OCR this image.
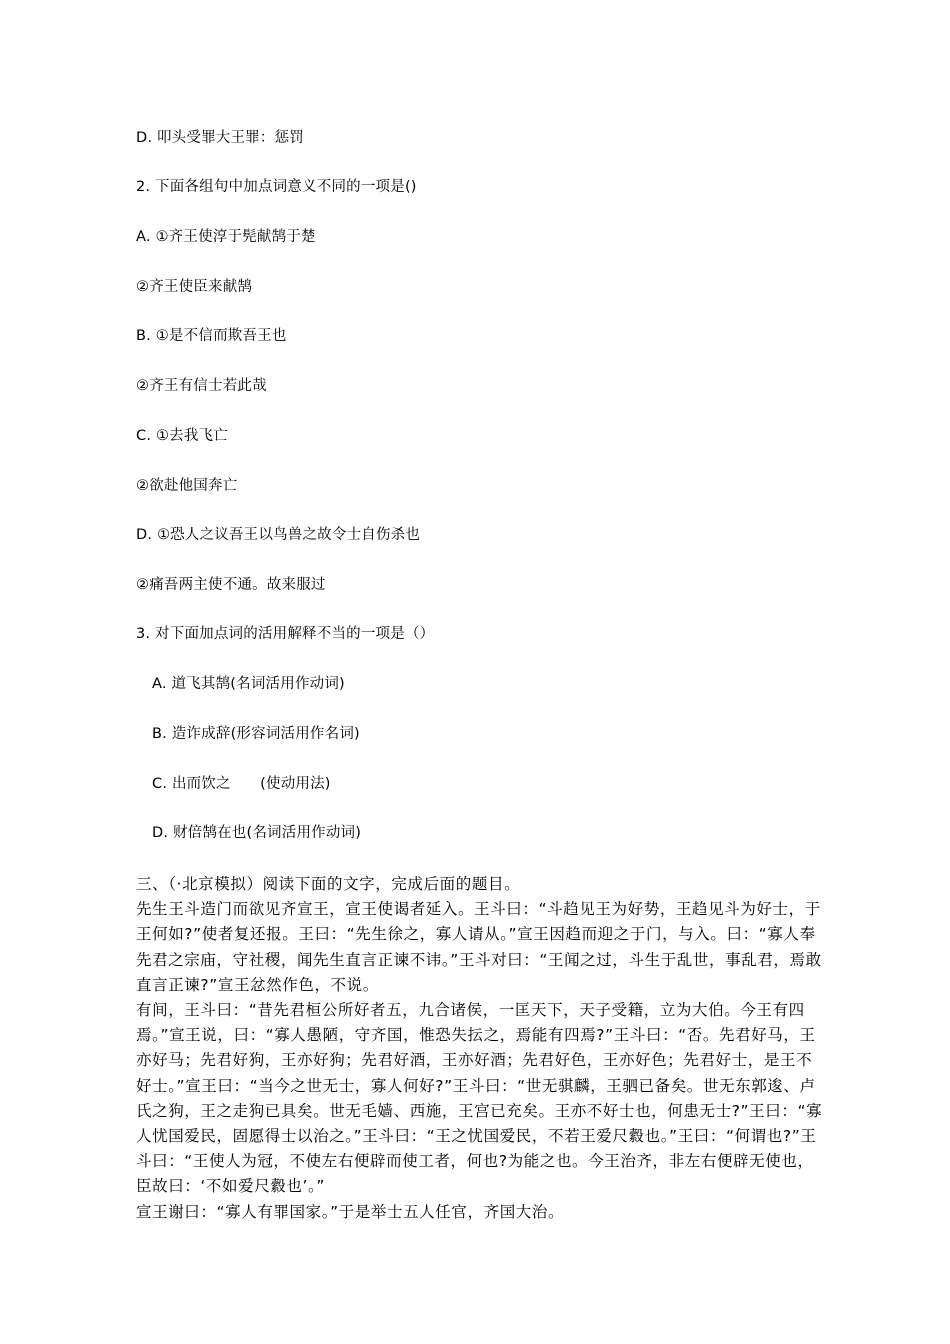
D. 叩头受罪大王罪：惩罚
2. 下面各组句中加点词意义不同的一项是()
A. ①齐王使淳于髡献鹄于楚
②齐王使臣来献鹄
B. ①是不信而欺吾王也
②齐王有信士若此哉
C. ①去我飞亡
②欲赴他国奔亡
D. ①恐人之议吾王以鸟兽之故令士自伤杀也
②痛吾两主使不通。故来服过
3. 对下面加点词的活用解释不当的一项是（）
A. 道飞其鹄(名词活用作动词)
B. 造诈成辞(形容词活用作名词)
C. 出而饮之　　(使动用法)
D. 财倍鹄在也(名词活用作动词)

三、（·北京模拟）阅读下面的文字，完成后面的题目。

先生王斗造门而欲见齐宣王，宣王使谒者延入。王斗曰：“斗趋见王为好势，王趋见斗为好士，于王何如?”使者复还报。王曰：“先生徐之，寡人请从。”宣王因趋而迎之于门，与入。曰：“寡人奉先君之宗庙，守社稷，闻先生直言正谏不讳。”王斗对曰：“王闻之过，斗生于乱世，事乱君，焉敢直言正谏?”宣王忿然作色，不说。

有间，王斗曰：“昔先君桓公所好者五，九合诸侯，一匡天下，天子受籍，立为大伯。今王有四焉。”宣王说，曰：“寡人愚陋，守齐国，惟恐失抎之，焉能有四焉?”王斗曰：“否。先君好马，王亦好马；先君好狗，王亦好狗；先君好酒，王亦好酒；先君好色，王亦好色；先君好士，是王不好士。”宣王曰：“当今之世无士，寡人何好?”王斗曰：“世无骐麟，王驷已备矣。世无东郭逡、卢氏之狗，王之走狗已具矣。世无毛嫱、西施，王宫已充矣。王亦不好士也，何患无士?”王曰：“寡人忧国爱民，固愿得士以治之。”王斗曰：“王之忧国爱民，不若王爱尺縠也。”王曰：“何谓也?”王斗曰：“王使人为冠，不使左右便辟而使工者，何也?为能之也。今王治齐，非左右便辟无使也，臣故曰：‘不如爱尺縠也’。”

宣王谢曰：“寡人有罪国家。”于是举士五人任官，齐国大治。
